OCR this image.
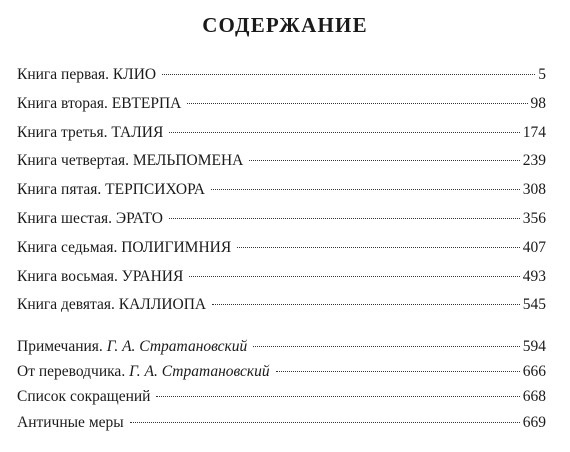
СОДЕРЖАНИЕ
Книга первая. КЛИО	5
Книга вторая. ЕВТЕРПА	98
Книга третья. ТАЛИЯ	174
Книга четвертая. МЕЛЬПОМЕНА	239
Книга пятая. ТЕРПСИХОРА	308
Книга шестая. ЭРАТО	356
Книга седьмая. ПОЛИГИМНИЯ	407
Книга восьмая. УРАНИЯ	493
Книга девятая. КАЛЛИОПА	545
Примечания. Г. А. Стратановский	594
От переводчика. Г. А. Стратановский	666
Список сокращений	668
Античные меры	669
